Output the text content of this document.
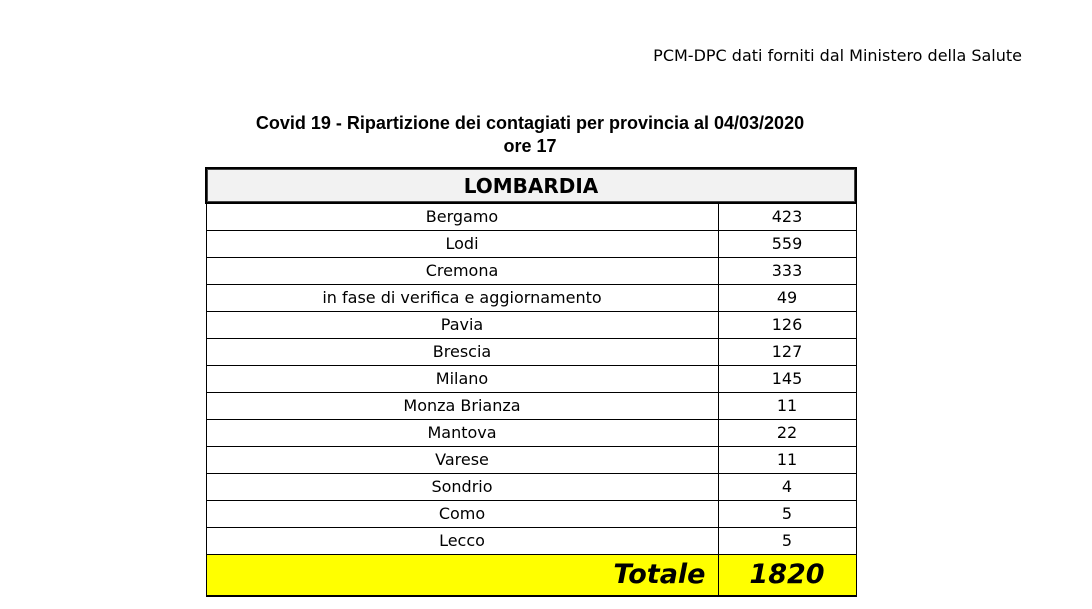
PCM-DPC dati forniti dal Ministero della Salute
Covid 19 - Ripartizione dei contagiati per provincia al 04/03/2020
ore 17
LOMBARDIA	
Bergamo	423
Lodi	559
Cremona	333
in fase di verifica e aggiornamento	49
Pavia	126
Brescia	127
Milano	145
Monza Brianza	11
Mantova	22
Varese	11
Sondrio	4
Como	5
Lecco	5
Totale	1820
